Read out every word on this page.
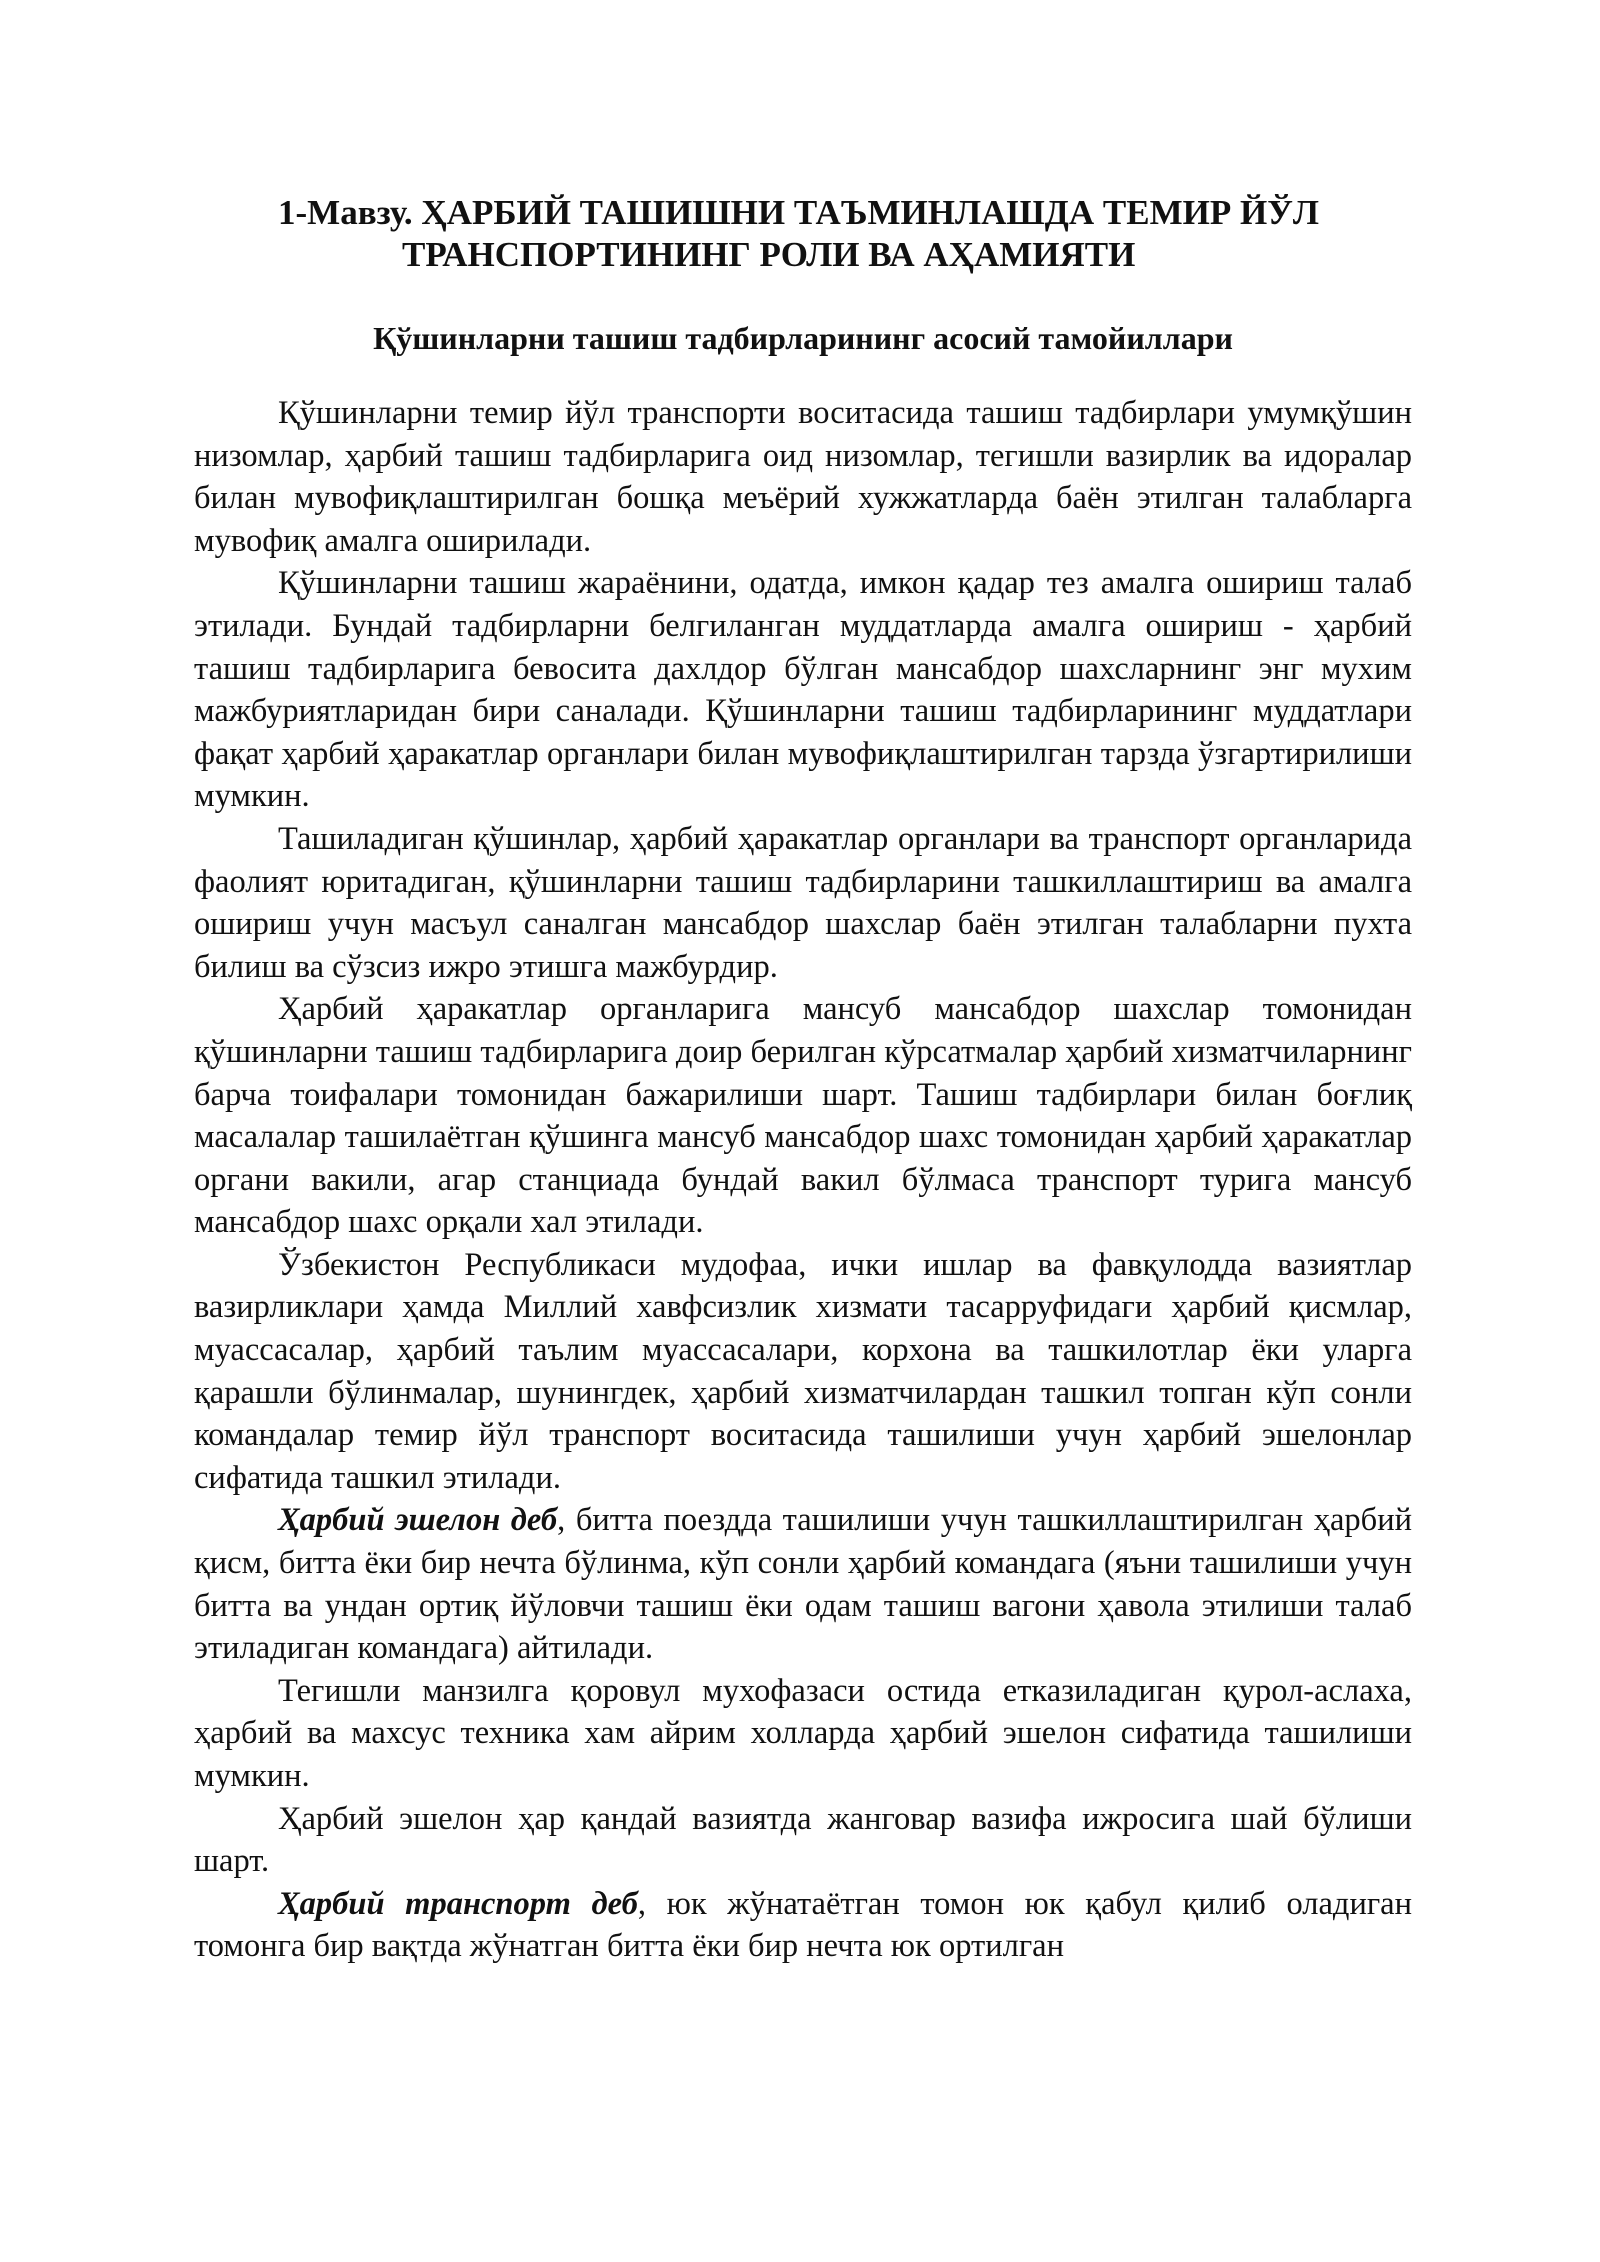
1-Мавзу. ҲАРБИЙ ТАШИШНИ ТАЪМИНЛАШДА ТЕМИР ЙЎЛ
ТРАНСПОРТИНИНГ РОЛИ ВА АҲАМИЯТИ
Қўшинларни ташиш тадбирларининг асосий тамойиллари

Қўшинларни темир йўл транспорти воситасида ташиш тадбирлари умумқўшин низомлар, ҳарбий ташиш тадбирларига оид низомлар, тегишли вазирлик ва идоралар билан мувофиқлаштирилган бошқа меъёрий хужжатларда баён этилган талабларга мувофиқ амалга оширилади.

Қўшинларни ташиш жараёнини, одатда, имкон қадар тез амалга ошириш талаб этилади. Бундай тадбирларни белгиланган муддатларда амалга ошириш - ҳарбий ташиш тадбирларига бевосита дахлдор бўлган мансабдор шахсларнинг энг мухим мажбуриятларидан бири саналади. Қўшинларни ташиш тадбирларининг муддатлари фақат ҳарбий ҳаракатлар органлари билан мувофиқлаштирилган тарзда ўзгартирилиши мумкин.

Ташиладиган қўшинлар, ҳарбий ҳаракатлар органлари ва транспорт органларида фаолият юритадиган, қўшинларни ташиш тадбирларини ташкиллаштириш ва амалга ошириш учун масъул саналган мансабдор шахслар баён этилган талабларни пухта билиш ва сўзсиз ижро этишга мажбурдир.

Ҳарбий ҳаракатлар органларига мансуб мансабдор шахслар томонидан қўшинларни ташиш тадбирларига доир берилган кўрсатмалар ҳарбий хизматчиларнинг барча тоифалари томонидан бажарилиши шарт. Ташиш тадбирлари билан боғлиқ масалалар ташилаётган қўшинга мансуб мансабдор шахс томонидан ҳарбий ҳаракатлар органи вакили, агар станциада бундай вакил бўлмаса транспорт турига мансуб мансабдор шахс орқали хал этилади.

Ўзбекистон Республикаси мудофаа, ички ишлар ва фавқулодда вазиятлар вазирликлари ҳамда Миллий хавфсизлик хизмати тасарруфидаги ҳарбий қисмлар, муассасалар, ҳарбий таълим муассасалари, корхона ва ташкилотлар ёки уларга қарашли бўлинмалар, шунингдек, ҳарбий хизматчилардан ташкил топган кўп сонли командалар темир йўл транспорт воситасида ташилиши учун ҳарбий эшелонлар сифатида ташкил этилади.

Ҳарбий эшелон деб, битта поездда ташилиши учун ташкиллаштирилган ҳарбий қисм, битта ёки бир нечта бўлинма, кўп сонли ҳарбий командага (яъни ташилиши учун битта ва ундан ортиқ йўловчи ташиш ёки одам ташиш вагони ҳавола этилиши талаб этиладиган командага) айтилади.

Тегишли манзилга қоровул мухофазаси остида етказиладиган қурол-аслаха, ҳарбий ва махсус техника хам айрим холларда ҳарбий эшелон сифатида ташилиши мумкин.

Ҳарбий эшелон ҳар қандай вазиятда жанговар вазифа ижросига шай бўлиши шарт.

Ҳарбий транспорт деб, юк жўнатаётган томон юк қабул қилиб оладиган томонга бир вақтда жўнатган битта ёки бир нечта юк ортилган
